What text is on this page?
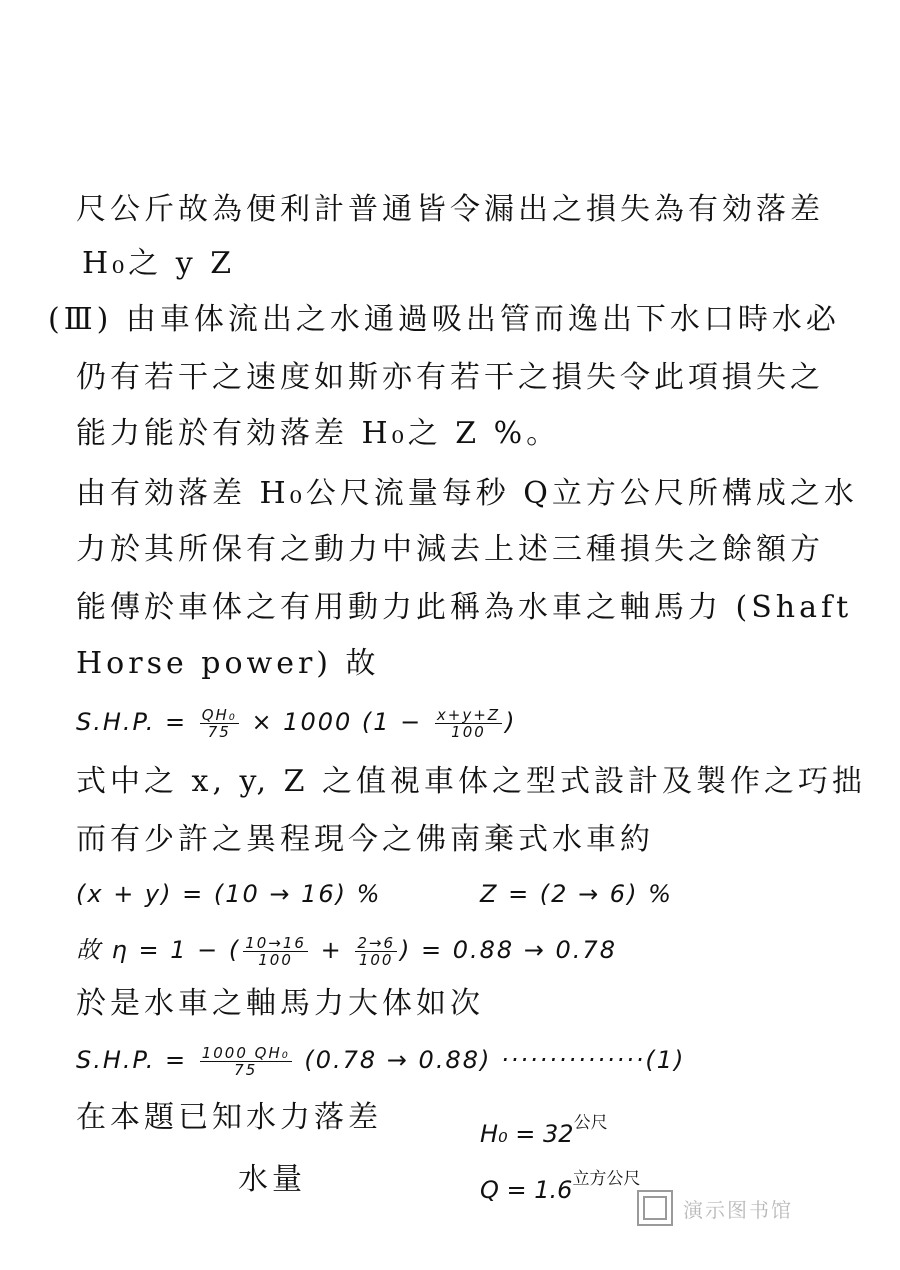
尺公斤故為便利計普通皆令漏出之損失為有効落差
H₀之 y Z
(Ⅲ) 由車体流出之水通過吸出管而逸出下水口時水必
仍有若干之速度如斯亦有若干之損失令此項損失之
能力能於有効落差 H₀之 Z %。
由有効落差 H₀公尺流量每秒 Q立方公尺所構成之水
力於其所保有之動力中減去上述三種損失之餘額方
能傳於車体之有用動力此稱為水車之軸馬力 (Shaft
Horse power) 故
S.H.P. = $\frac{\text{QH₀}}{75} \times 1000$ ($1 - \frac{x+y+Z}{100}$ )
式中之 x, y, Z 之值視車体之型式設計及製作之巧拙
而有少許之異程現今之佛南棄式水車約
(x + y) = (10 → 16) %	Z = (2 → 6) %
故 η = 1 − ( $\frac{10\to 16}{100} + \frac{2\to 6}{100}$ ) = 0.88 → 0.78
於是水車之軸馬力大体如次
S.H.P. = $\frac{\text{1000 QH₀}}{75} (0.78 \to 0.88) \cdot\cdot\cdot\cdot\cdot\cdot\cdot\cdot\cdot\cdot\cdot\cdot\cdot\cdot\cdot(1)$
在本題已知水力落差	$H_0 = 32^{公尺}$
水量	$Q = 1.6^{立方公尺}$
演示图书馆
